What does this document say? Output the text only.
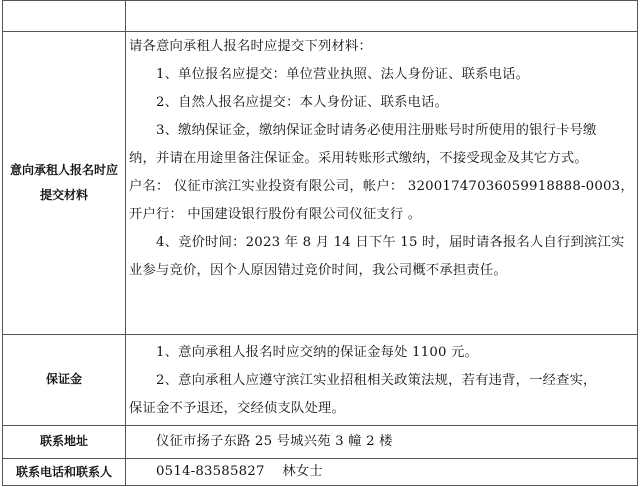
意向承租人报名时应提交材料
请各意向承租人报名时应提交下列材料：
1、单位报名应提交：单位营业执照、法人身份证、联系电话。
2、自然人报名应提交：本人身份证、联系电话。
3、缴纳保证金，缴纳保证金时请务必使用注册账号时所使用的银行卡号缴
纳，并请在用途里备注保证金。采用转账形式缴纳，不接受现金及其它方式。
户名： 仪征市滨江实业投资有限公司，帐户： 32001747036059918888-0003，
开户行： 中国建设银行股份有限公司仪征支行 。
4、竞价时间：2023 年 8 月 14 日下午 15 时，届时请各报名人自行到滨江实
业参与竞价，因个人原因错过竞价时间，我公司概不承担责任。
保证金
1、意向承租人报名时应交纳的保证金每处 1100 元。
2、意向承租人应遵守滨江实业招租相关政策法规，若有违背，一经查实，
保证金不予退还，交经侦支队处理。
联系地址	仪征市扬子东路 25 号城兴苑 3 幢 2 楼
联系电话和联系人	0514-83585827    林女士
